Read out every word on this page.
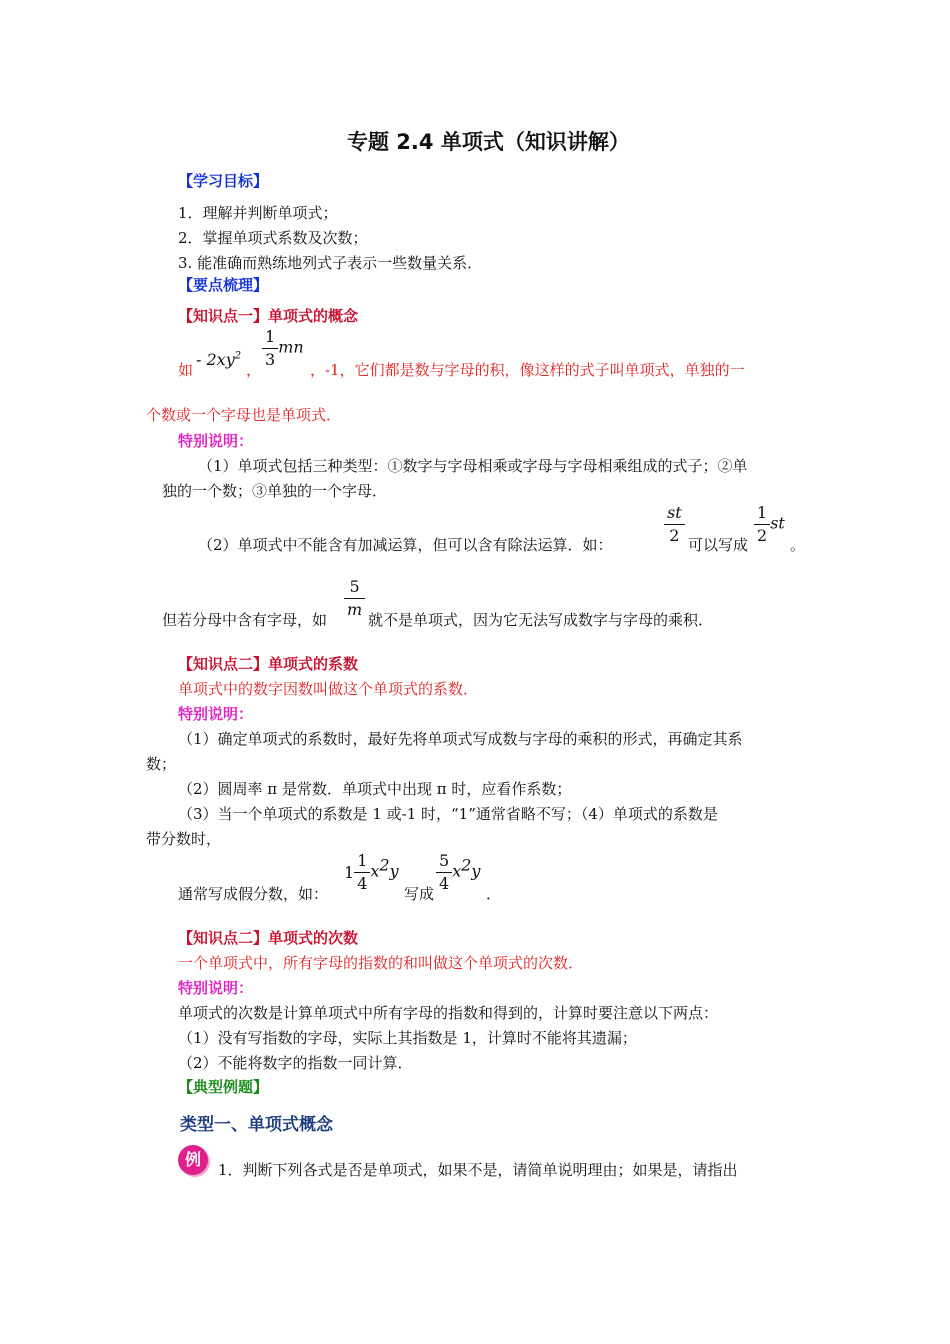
专题 2.4 单项式（知识讲解）
【学习目标】
1．理解并判断单项式；
2．掌握单项式系数及次数；
3. 能准确而熟练地列式子表示一些数量关系．
【要点梳理】
【知识点一】单项式的概念
如
- $2xy^2$
， $\frac{1}{3}$ mn
，-1，它们都是数与字母的积，像这样的式子叫单项式，单独的一
个数或一个字母也是单项式．
特别说明：
（1）单项式包括三种类型：①数字与字母相乘或字母与字母相乘组成的式子；②单
独的一个数；③单独的一个字母．
（2）单项式中不能含有加减运算，但可以含有除法运算．如：	$\frac{st}{2}$ 可以写成 $\frac{1}{2}$ st
。
但若分母中含有字母，如 $\frac{5}{m}$ 就不是单项式，因为它无法写成数字与字母的乘积．
【知识点二】单项式的系数
单项式中的数字因数叫做这个单项式的系数．
特别说明：
（1）确定单项式的系数时，最好先将单项式写成数与字母的乘积的形式，再确定其系
数；
（2）圆周率 π 是常数．单项式中出现 π 时，应看作系数；
（3）当一个单项式的系数是 1 或-1 时，“1”通常省略不写；（4）单项式的系数是
带分数时，
通常写成假分数，如：
$1 \frac{1}{4} x^2y$
写成 $\frac{5}{4} x^2y$
．
【知识点二】单项式的次数
一个单项式中，所有字母的指数的和叫做这个单项式的次数．
特别说明：
单项式的次数是计算单项式中所有字母的指数和得到的，计算时要注意以下两点：
（1）没有写指数的字母，实际上其指数是 1，计算时不能将其遗漏；
（2）不能将数字的指数一同计算．
【典型例题】
类型一、单项式概念
例
1．判断下列各式是否是单项式，如果不是，请简单说明理由；如果是，请指出
